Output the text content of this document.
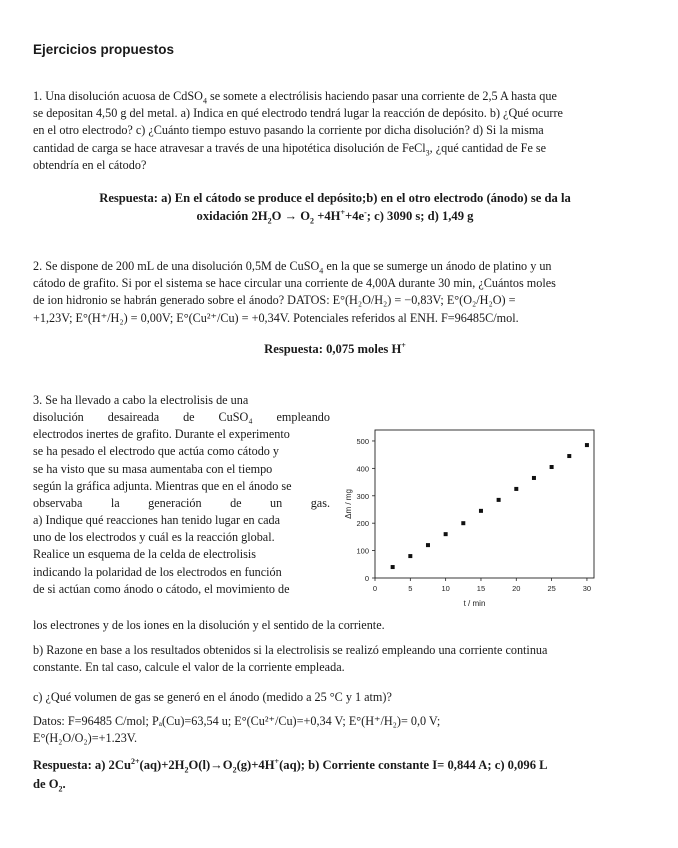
Ejercicios propuestos
1. Una disolución acuosa de CdSO$_4$ se somete a electrólisis haciendo pasar una corriente de 2,5 A hasta que
se depositan 4,50 g del metal. a) Indica en qué electrodo tendrá lugar la reacción de depósito. b) ¿Qué ocurre
en el otro electrodo? c) ¿Cuánto tiempo estuvo pasando la corriente por dicha disolución? d) Si la misma
cantidad de carga se hace atravesar a través de una hipotética disolución de FeCl$_3$, ¿qué cantidad de Fe se
obtendría en el cátodo?
Respuesta: a) En el cátodo se produce el depósito;b) en el otro electrodo (ánodo) se da la
oxidación $2H_2O \to O_2 +4H^++4e^-$; c) 3090 s; d) 1,49 g
2. Se dispone de 200 mL de una disolución 0,5M de CuSO$_4$ en la que se sumerge un ánodo de platino y un
cátodo de grafito. Si por el sistema se hace circular una corriente de 4,00A durante 30 min, ¿Cuántos moles
de ion hidronio se habrán generado sobre el ánodo? DATOS: E°(H₂O/H₂) = −0,83V; E°(O₂/H₂O) =
+1,23V; E°(H⁺/H₂) = 0,00V; E°(Cu²⁺/Cu) = +0,34V. Potenciales referidos al ENH. F=96485C/mol.
Respuesta: 0,075 moles H+
3. Se ha llevado a cabo la electrolisis de una
disolución desaireada de CuSO₄ empleando
electrodos inertes de grafito. Durante el experimento
se ha pesado el electrodo que actúa como cátodo y
se ha visto que su masa aumentaba con el tiempo
según la gráfica adjunta. Mientras que en el ánodo se
observaba la generación de un gas.
a) Indique qué reacciones han tenido lugar en cada
uno de los electrodos y cuál es la reacción global.
Realice un esquema de la celda de electrolisis
indicando la polaridad de los electrodos en función
de si actúan como ánodo o cátodo, el movimiento de
0
100
200
300
400
500
0	5	10	15	20	25	30
t / min
Δm / mg
los electrones y de los iones en la disolución y el sentido de la corriente.
b) Razone en base a los resultados obtenidos si la electrolisis se realizó empleando una corriente continua
constante. En tal caso, calcule el valor de la corriente empleada.
c) ¿Qué volumen de gas se generó en el ánodo (medido a 25 °C y 1 atm)?
Datos: F=96485 C/mol; Pₐ(Cu)=63,54 u; E°(Cu²⁺/Cu)=+0,34 V; E°(H⁺/H₂)= 0,0 V;
E°(H₂O/O₂)=+1.23V.
Respuesta: a) $2Cu^{2+}(aq)+2H_2O(l)\to O_2(g)+4H^+(aq)$; b) Corriente constante I= 0,844 A; c) 0,096 L
de $O_2$.
